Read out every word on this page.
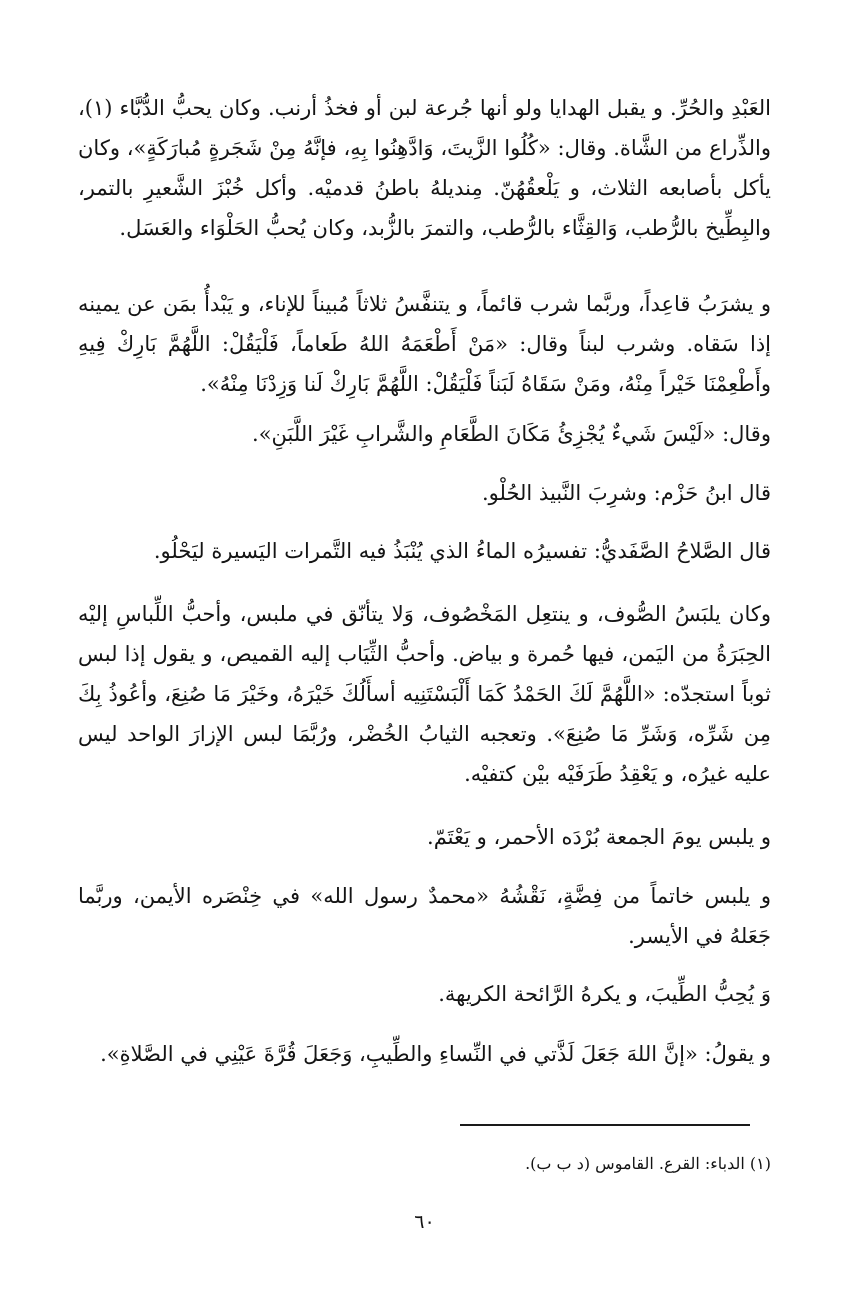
العَبْدِ والحُرِّ. و يقبل الهدايا ولو أنها جُرعة لبن أو فخذُ أرنب. وكان يحبُّ الدُّبَّاء (١)، والذِّراع من الشَّاة. وقال: «كُلُوا الزَّيتَ، وَادَّهِنُوا بِهِ، فإنَّهُ مِنْ شَجَرةٍ مُبارَكَةٍ»، وكان يأكل بأصابعه الثلاث، و يَلْعقُهُنّ. مِنديلهُ باطنُ قدميْه. وأكل خُبْزَ الشَّعيرِ بالتمر، والبِطِّيخ بالرُّطب، وَالقِثَّاء بالرُّطب، والتمرَ بالزُّبد، وكان يُحبُّ الحَلْوَاء والعَسَل.

و يشرَبُ قاعِداً، وربَّما شرب قائماً، و يتنفَّسُ ثلاثاً مُبيناً للإناء، و يَبْدأُ بمَن عن يمينه إذا سَقاه. وشرب لبناً وقال: «مَنْ أَطْعَمَهُ اللهُ طَعاماً، فَلْيَقُلْ: اللَّهُمَّ بَارِكْ فِيهِ وأَطْعِمْنَا خَيْراً مِنْهُ، ومَنْ سَقَاهُ لَبَناً فَلْيَقُلْ: اللَّهُمَّ بَارِكْ لَنا وَزِدْنَا مِنْهُ».

وقال: «لَيْسَ شَيءٌ يُجْزِئُ مَكَانَ الطَّعَامِ والشَّرابِ غَيْرَ اللَّبَنِ».

قال ابنُ حَزْم: وشرِبَ النَّبيذ الحُلْو.

قال الصَّلاحُ الصَّفَديُّ: تفسيرُه الماءُ الذي يُنْبَذُ فيه التَّمرات اليَسيرة ليَحْلُو.

وكان يلبَسُ الصُّوف، و ينتعِل المَخْصُوف، وَلا يتأنّق في ملبس، وأحبُّ اللِّباسِ إليْه الحِبَرَةُ من اليَمن، فيها حُمرة و بياض. وأحبُّ الثِّيَاب إليه القميص، و يقول إذا لبس ثوباً استجدّه: «اللَّهُمَّ لَكَ الحَمْدُ كَمَا أَلْبَسْتَنِيه أسأَلُكَ خَيْرَهُ، وخَيْرَ مَا صُنِعَ، وأعُوذُ بِكَ مِن شَرِّه، وَشَرِّ مَا صُنِعَ». وتعجبه الثيابُ الخُضْر، ورُبَّمَا لبس الإزارَ الواحد ليس عليه غيرُه، و يَعْقِدُ طَرَفَيْه بيْن كتفيْه.

و يلبس يومَ الجمعة بُرْدَه الأحمر، و يَعْتَمّ.

و يلبس خاتماً من فِضَّةٍ، نَقْشُهُ «محمدٌ رسول الله» في خِنْصَره الأيمن، وربَّما جَعَلهُ في الأيسر.

وَ يُحِبُّ الطِّيبَ، و يكرهُ الرَّائحة الكريهة.

و يقولُ: «إنَّ اللهَ جَعَلَ لَذَّتي في النِّساءِ والطِّيبِ، وَجَعَلَ قُرَّةَ عَيْنِي في الصَّلاةِ».

(١) الدباء: القرع. القاموس (د ب ب).

٦٠
